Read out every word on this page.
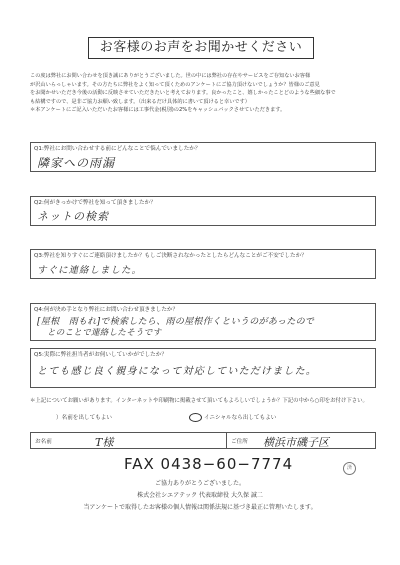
お客様のお声をお聞かせください

この度は弊社にお問い合わせを頂き誠にありがとうございました。世の中には弊社の存在やサービスをご存知ないお客様

が沢山いらっしゃいます。その方たちに弊社をよく知って頂くためのアンケートにご協力頂けないでしょうか？皆様のご意見

をお聞かせいただき今後の活動に反映させていただきたいと考えております。良かったこと、嬉しかったことどのような些細な事で

も結構ですので、是非ご協力お願い致します。（出来るだけ具体的に書いて頂けると幸いです）

＊本アンケートにご記入いただいたお客様には工事代金(税別)の2%をキャッシュバックさせていただきます。

Q1:弊社にお問い合わせする前にどんなことで悩んでいましたか？
隣家への雨漏
Q2:何がきっかけで弊社を知って頂きましたか？
ネットの検索
Q3:弊社を知りすぐにご連絡頂けましたか？もしご決断されなかったとしたらどんなことがご不安でしたか？
すぐに連絡しました。
Q4:何が決め手となり弊社にお問い合わせ頂きましたか？
[屋根　雨もれ]で検索したら、雨の屋根作くというのがあったので
とのことで連絡したそうです
Q5:実際に弊社担当者がお伺いしていかがでしたか？
とても感じ良く親身になって対応していただけました。
＊上記についてお願いがあります。インターネットや印刷物に掲載させて頂いてもよろしいでしょうか？下記の中から○印をお付け下さい。
）名前を出してもよい	イニシャルなら出してもよい
お名前	T様	ご住所 横浜市磯子区
FAX 0438−60−7774	済
ご協力ありがとうございました。
株式会社シエアテック 代表取締役 大久保 誠二
当アンケートで取得したお客様の個人情報は関係法規に基づき最正に管理いたします。
